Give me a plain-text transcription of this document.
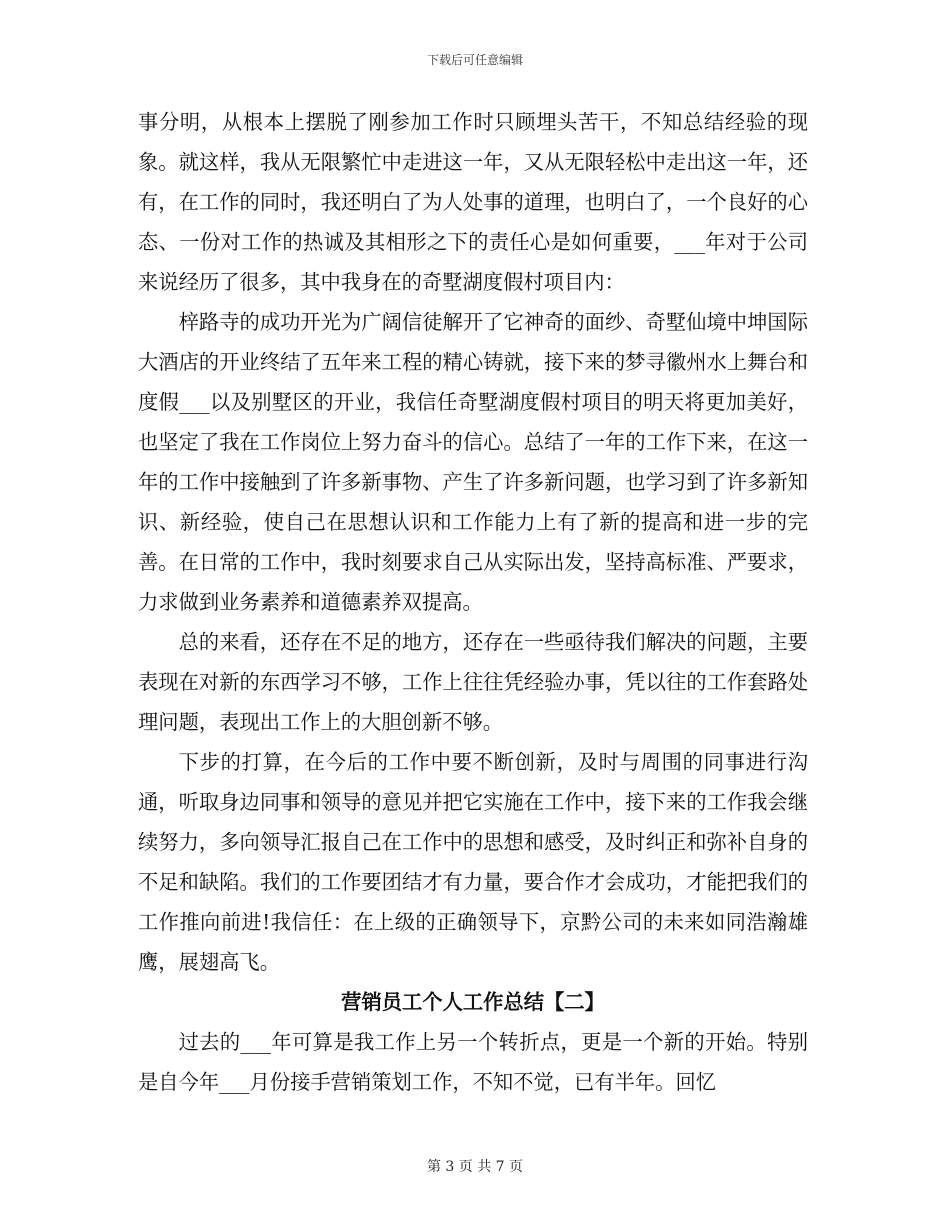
下载后可任意编辑

事分明，从根本上摆脱了刚参加工作时只顾埋头苦干，不知总结经验的现象。就这样，我从无限繁忙中走进这一年，又从无限轻松中走出这一年，还有，在工作的同时，我还明白了为人处事的道理，也明白了，一个良好的心态、一份对工作的热诚及其相形之下的责任心是如何重要，___年对于公司来说经历了很多，其中我身在的奇墅湖度假村项目内：

梓路寺的成功开光为广阔信徒解开了它神奇的面纱、奇墅仙境中坤国际大酒店的开业终结了五年来工程的精心铸就，接下来的梦寻徽州水上舞台和度假___以及别墅区的开业，我信任奇墅湖度假村项目的明天将更加美好，也坚定了我在工作岗位上努力奋斗的信心。总结了一年的工作下来，在这一年的工作中接触到了许多新事物、产生了许多新问题，也学习到了许多新知识、新经验，使自己在思想认识和工作能力上有了新的提高和进一步的完善。在日常的工作中，我时刻要求自己从实际出发，坚持高标准、严要求，力求做到业务素养和道德素养双提高。

总的来看，还存在不足的地方，还存在一些亟待我们解决的问题，主要表现在对新的东西学习不够，工作上往往凭经验办事，凭以往的工作套路处理问题，表现出工作上的大胆创新不够。

下步的打算，在今后的工作中要不断创新，及时与周围的同事进行沟通，听取身边同事和领导的意见并把它实施在工作中，接下来的工作我会继续努力，多向领导汇报自己在工作中的思想和感受，及时纠正和弥补自身的不足和缺陷。我们的工作要团结才有力量，要合作才会成功，才能把我们的工作推向前进!我信任：在上级的正确领导下，京黔公司的未来如同浩瀚雄鹰，展翅高飞。

营销员工个人工作总结【二】

过去的___年可算是我工作上另一个转折点，更是一个新的开始。特别是自今年___月份接手营销策划工作，不知不觉，已有半年。回忆

第 3 页 共 7 页
